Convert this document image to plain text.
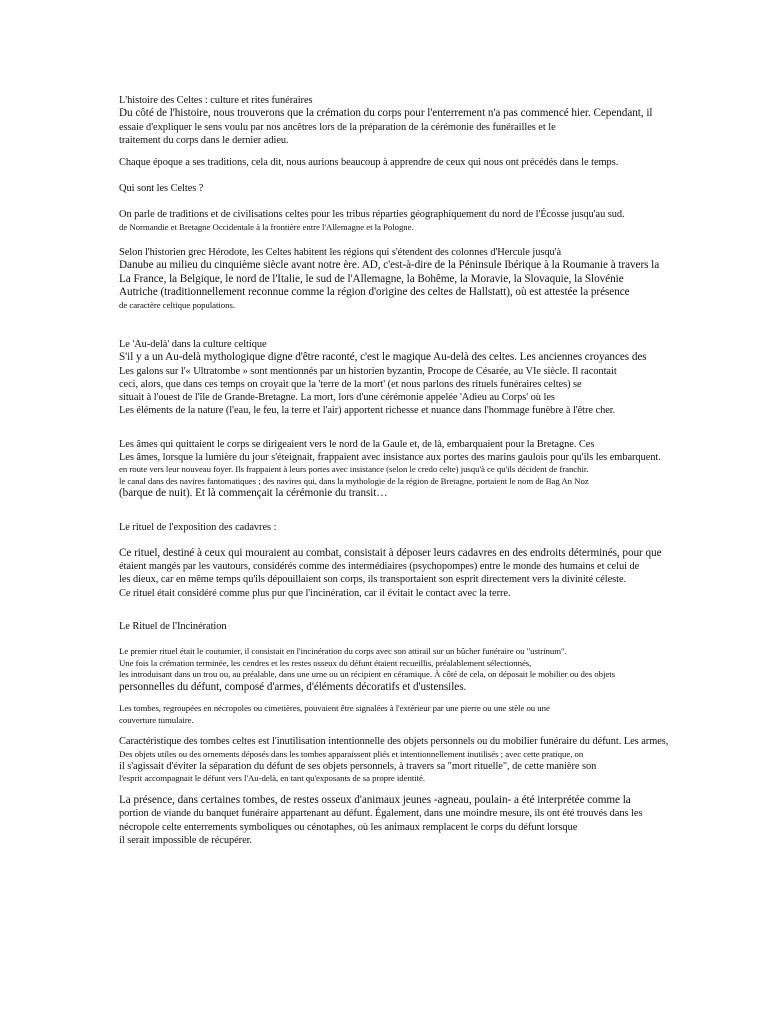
L'histoire des Celtes : culture et rites funéraires
Du côté de l'histoire, nous trouverons que la crémation du corps pour l'enterrement n'a pas commencé hier. Cependant, il
essaie d'expliquer le sens voulu par nos ancêtres lors de la préparation de la cérémonie des funérailles et le
traitement du corps dans le dernier adieu.
Chaque époque a ses traditions, cela dit, nous aurions beaucoup à apprendre de ceux qui nous ont précédés dans le temps.
Qui sont les Celtes ?
On parle de traditions et de civilisations celtes pour les tribus réparties géographiquement du nord de l'Écosse jusqu'au sud.
de Normandie et Bretagne Occidentale à la frontière entre l'Allemagne et la Pologne.
Selon l'historien grec Hérodote, les Celtes habitent les régions qui s'étendent des colonnes d'Hercule jusqu'à
Danube au milieu du cinquième siècle avant notre ère. AD, c'est-à-dire de la Péninsule Ibérique à la Roumanie à travers la
La France, la Belgique, le nord de l'Italie, le sud de l'Allemagne, la Bohême, la Moravie, la Slovaquie, la Slovénie
Autriche (traditionnellement reconnue comme la région d'origine des celtes de Hallstatt), où est attestée la présence
de caractère celtique populations.
Le 'Au-delà' dans la culture celtique
S'il y a un Au-delà mythologique digne d'être raconté, c'est le magique Au-delà des celtes. Les anciennes croyances des
Les galons sur l'« Ultratombe » sont mentionnés par un historien byzantin, Procope de Césarée, au VIe siècle. Il racontait
ceci, alors, que dans ces temps on croyait que la 'terre de la mort' (et nous parlons des rituels funéraires celtes) se
situait à l'ouest de l'île de Grande-Bretagne. La mort, lors d'une cérémonie appelée 'Adieu au Corps' où les
Les éléments de la nature (l'eau, le feu, la terre et l'air) apportent richesse et nuance dans l'hommage funèbre à l'être cher.
Les âmes qui quittaient le corps se dirigeaient vers le nord de la Gaule et, de là, embarquaient pour la Bretagne. Ces
Les âmes, lorsque la lumière du jour s'éteignait, frappaient avec insistance aux portes des marins gaulois pour qu'ils les embarquent.
en route vers leur nouveau foyer. Ils frappaient à leurs portes avec insistance (selon le credo celte) jusqu'à ce qu'ils décident de franchir.
le canal dans des navires fantomatiques ; des navires qui, dans la mythologie de la région de Bretagne, portaient le nom de Bag An Noz
(barque de nuit). Et là commençait la cérémonie du transit…
Le rituel de l'exposition des cadavres :
Ce rituel, destiné à ceux qui mouraient au combat, consistait à déposer leurs cadavres en des endroits déterminés, pour que
étaient mangés par les vautours, considérés comme des intermédiaires (psychopompes) entre le monde des humains et celui de
les dieux, car en même temps qu'ils dépouillaient son corps, ils transportaient son esprit directement vers la divinité céleste.
Ce rituel était considéré comme plus pur que l'incinération, car il évitait le contact avec la terre.
Le Rituel de l'Incinération
Le premier rituel était le coutumier, il consistait en l'incinération du corps avec son attirail sur un bûcher funéraire ou "ustrinum".
Une fois la crémation terminée, les cendres et les restes osseux du défunt étaient recueillis, préalablement sélectionnés,
les introduisant dans un trou ou, au préalable, dans une urne ou un récipient en céramique. À côté de cela, on déposait le mobilier ou des objets
personnelles du défunt, composé d'armes, d'éléments décoratifs et d'ustensiles.
Les tombes, regroupées en nécropoles ou cimetières, pouvaient être signalées à l'extérieur par une pierre ou une stèle ou une
couverture tumulaire.
Caractéristique des tombes celtes est l'inutilisation intentionnelle des objets personnels ou du mobilier funéraire du défunt. Les armes,
Des objets utiles ou des ornements déposés dans les tombes apparaissent pliés et intentionnellement inutilisés ; avec cette pratique, on
il s'agissait d'éviter la séparation du défunt de ses objets personnels, à travers sa "mort rituelle", de cette manière son
l'esprit accompagnait le défunt vers l'Au-delà, en tant qu'exposants de sa propre identité.
La présence, dans certaines tombes, de restes osseux d'animaux jeunes -agneau, poulain- a été interprétée comme la
portion de viande du banquet funéraire appartenant au défunt. Également, dans une moindre mesure, ils ont été trouvés dans les
nécropole celte enterrements symboliques ou cénotaphes, où les animaux remplacent le corps du défunt lorsque
il serait impossible de récupérer.
